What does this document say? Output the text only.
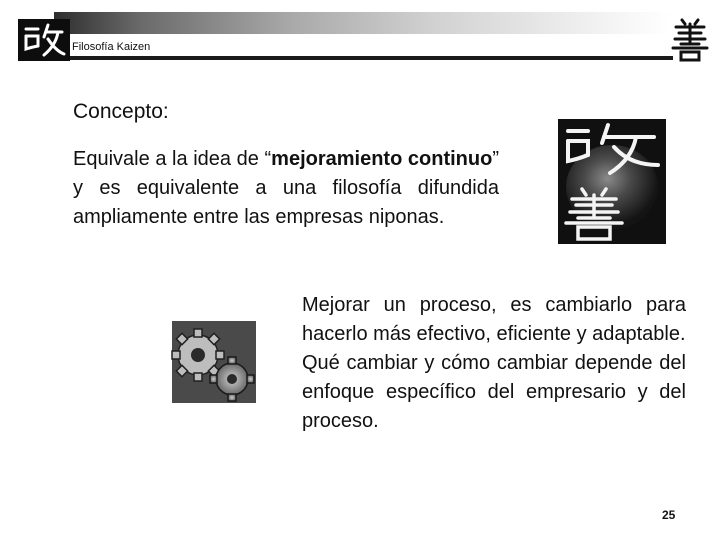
Filosofía Kaizen
Concepto:
Equivale a la idea de “mejoramiento continuo” y es equivalente a una filosofía difundida ampliamente entre las empresas niponas.
Mejorar un proceso, es cambiarlo para hacerlo más efectivo, eficiente y adaptable.
Qué cambiar y cómo cambiar depende del enfoque específico del empresario y del proceso.
25
